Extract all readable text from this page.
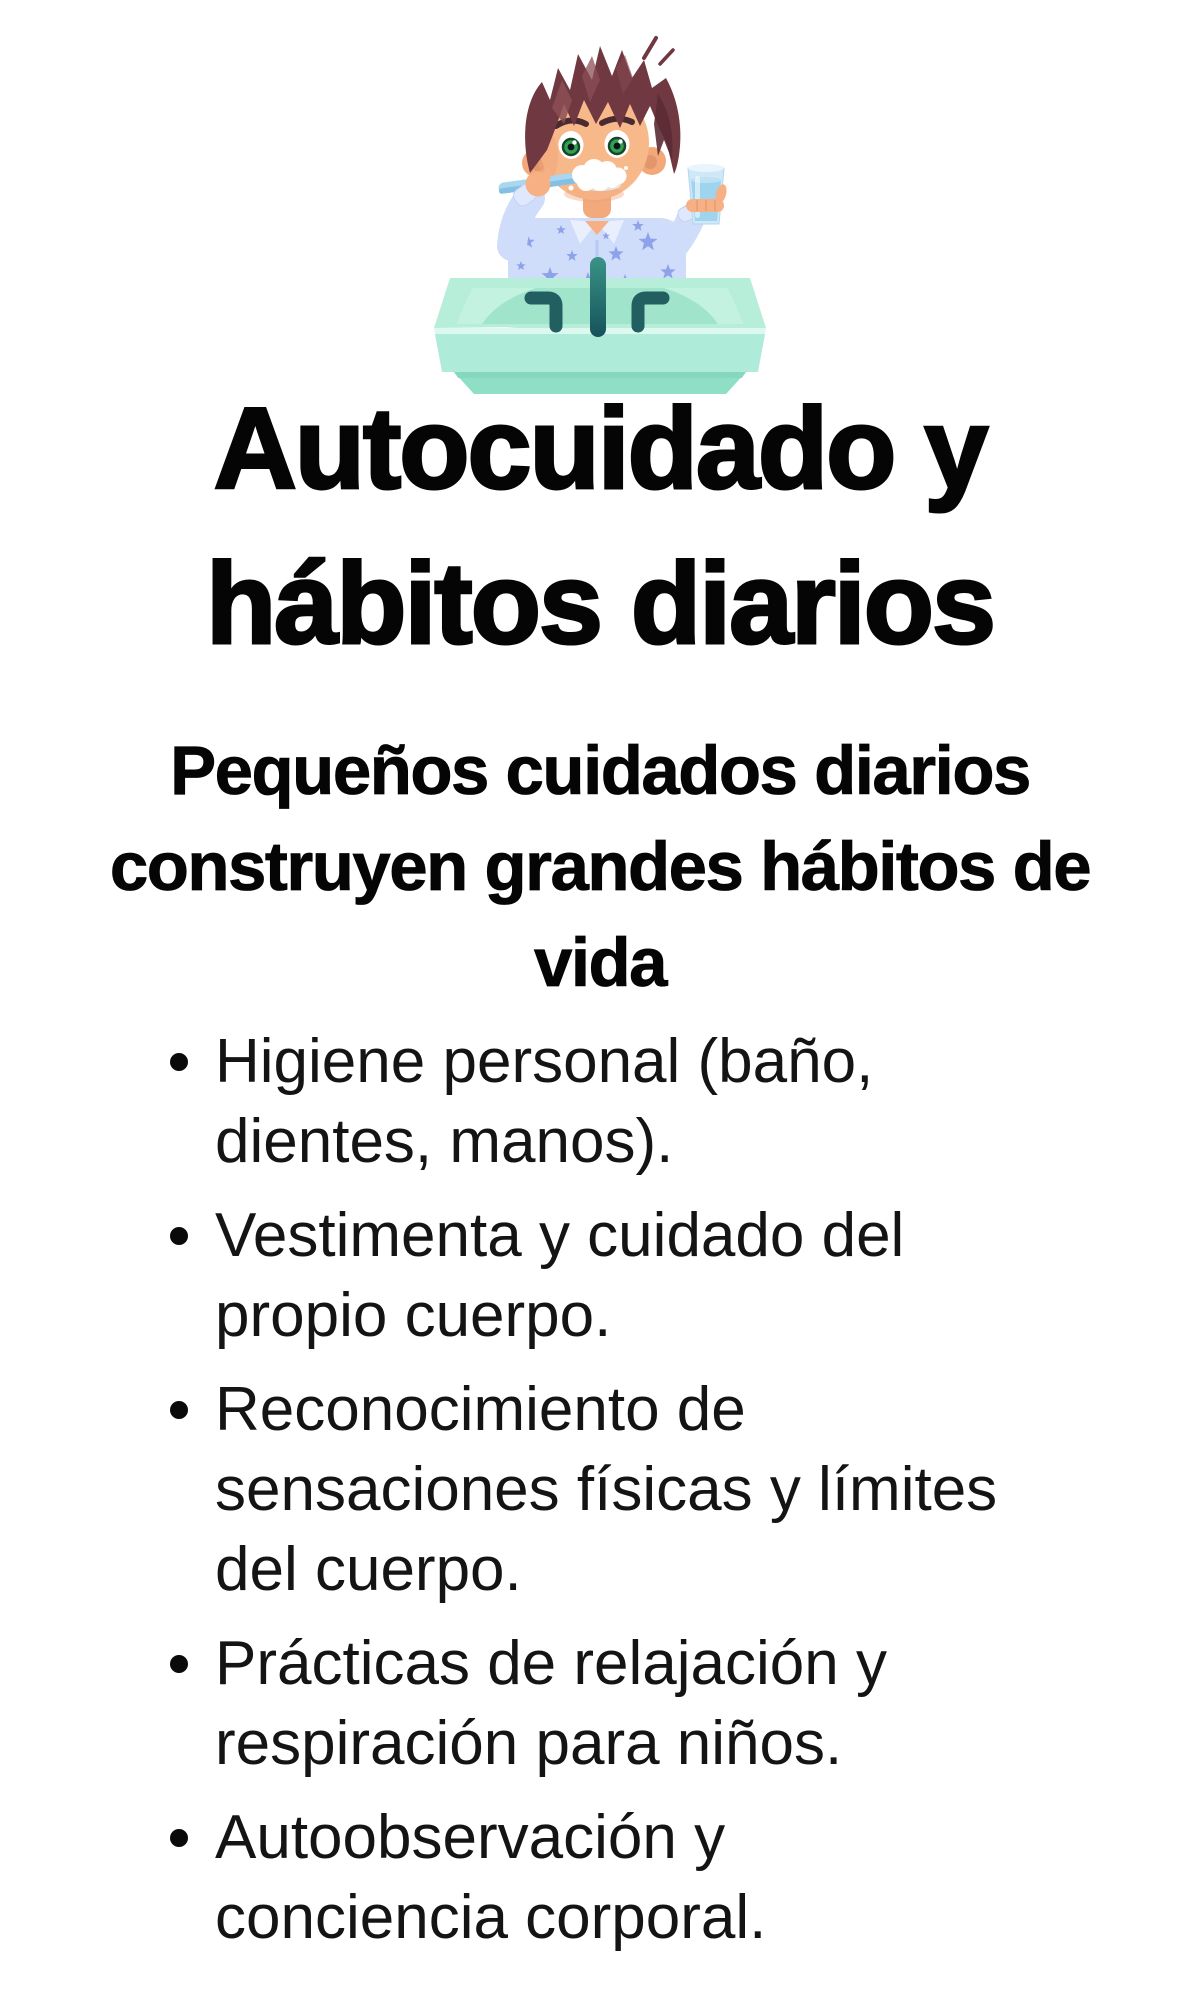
Autocuidado y
hábitos diarios
Pequeños cuidados diarios
construyen grandes hábitos de
vida
Higiene personal (baño,
dientes, manos).
Vestimenta y cuidado del
propio cuerpo.
Reconocimiento de
sensaciones físicas y límites
del cuerpo.
Prácticas de relajación y
respiración para niños.
Autoobservación y
conciencia corporal.
